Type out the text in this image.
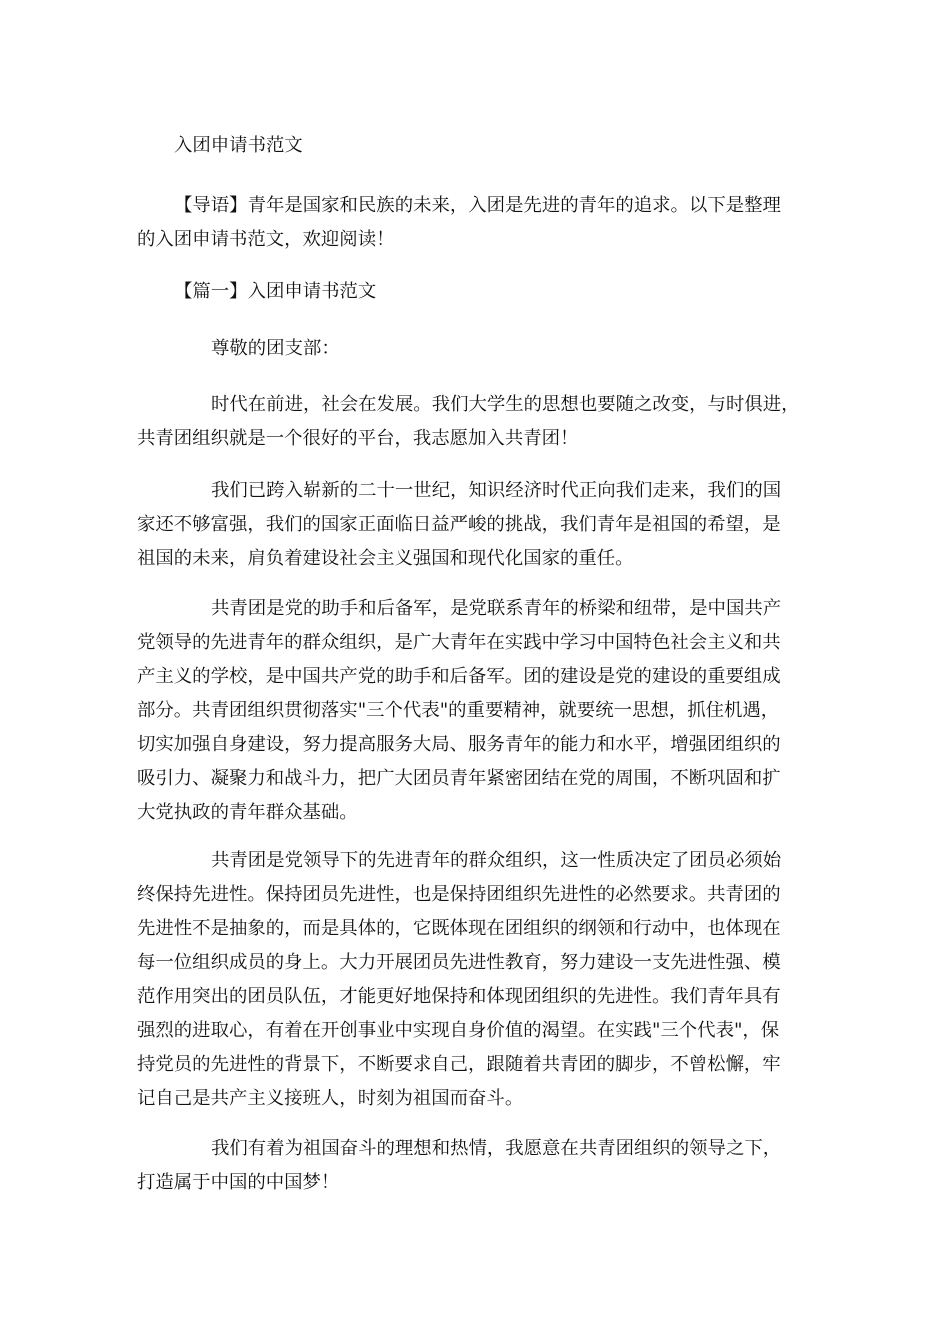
入团申请书范文

【导语】青年是国家和民族的未来，入团是先进的青年的追求。以下是整理

的入团申请书范文，欢迎阅读！

【篇一】入团申请书范文

尊敬的团支部：

时代在前进，社会在发展。我们大学生的思想也要随之改变，与时俱进，

共青团组织就是一个很好的平台，我志愿加入共青团！

我们已跨入崭新的二十一世纪，知识经济时代正向我们走来，我们的国

家还不够富强，我们的国家正面临日益严峻的挑战，我们青年是祖国的希望，是

祖国的未来，肩负着建设社会主义强国和现代化国家的重任。

共青团是党的助手和后备军，是党联系青年的桥梁和纽带，是中国共产

党领导的先进青年的群众组织，是广大青年在实践中学习中国特色社会主义和共

产主义的学校，是中国共产党的助手和后备军。团的建设是党的建设的重要组成

部分。共青团组织贯彻落实"三个代表"的重要精神，就要统一思想，抓住机遇，

切实加强自身建设，努力提高服务大局、服务青年的能力和水平，增强团组织的

吸引力、凝聚力和战斗力，把广大团员青年紧密团结在党的周围，不断巩固和扩

大党执政的青年群众基础。

共青团是党领导下的先进青年的群众组织，这一性质决定了团员必须始

终保持先进性。保持团员先进性，也是保持团组织先进性的必然要求。共青团的

先进性不是抽象的，而是具体的，它既体现在团组织的纲领和行动中，也体现在

每一位组织成员的身上。大力开展团员先进性教育，努力建设一支先进性强、模

范作用突出的团员队伍，才能更好地保持和体现团组织的先进性。我们青年具有

强烈的进取心，有着在开创事业中实现自身价值的渴望。在实践"三个代表"，保

持党员的先进性的背景下，不断要求自己，跟随着共青团的脚步，不曾松懈，牢

记自己是共产主义接班人，时刻为祖国而奋斗。

我们有着为祖国奋斗的理想和热情，我愿意在共青团组织的领导之下，

打造属于中国的中国梦！
